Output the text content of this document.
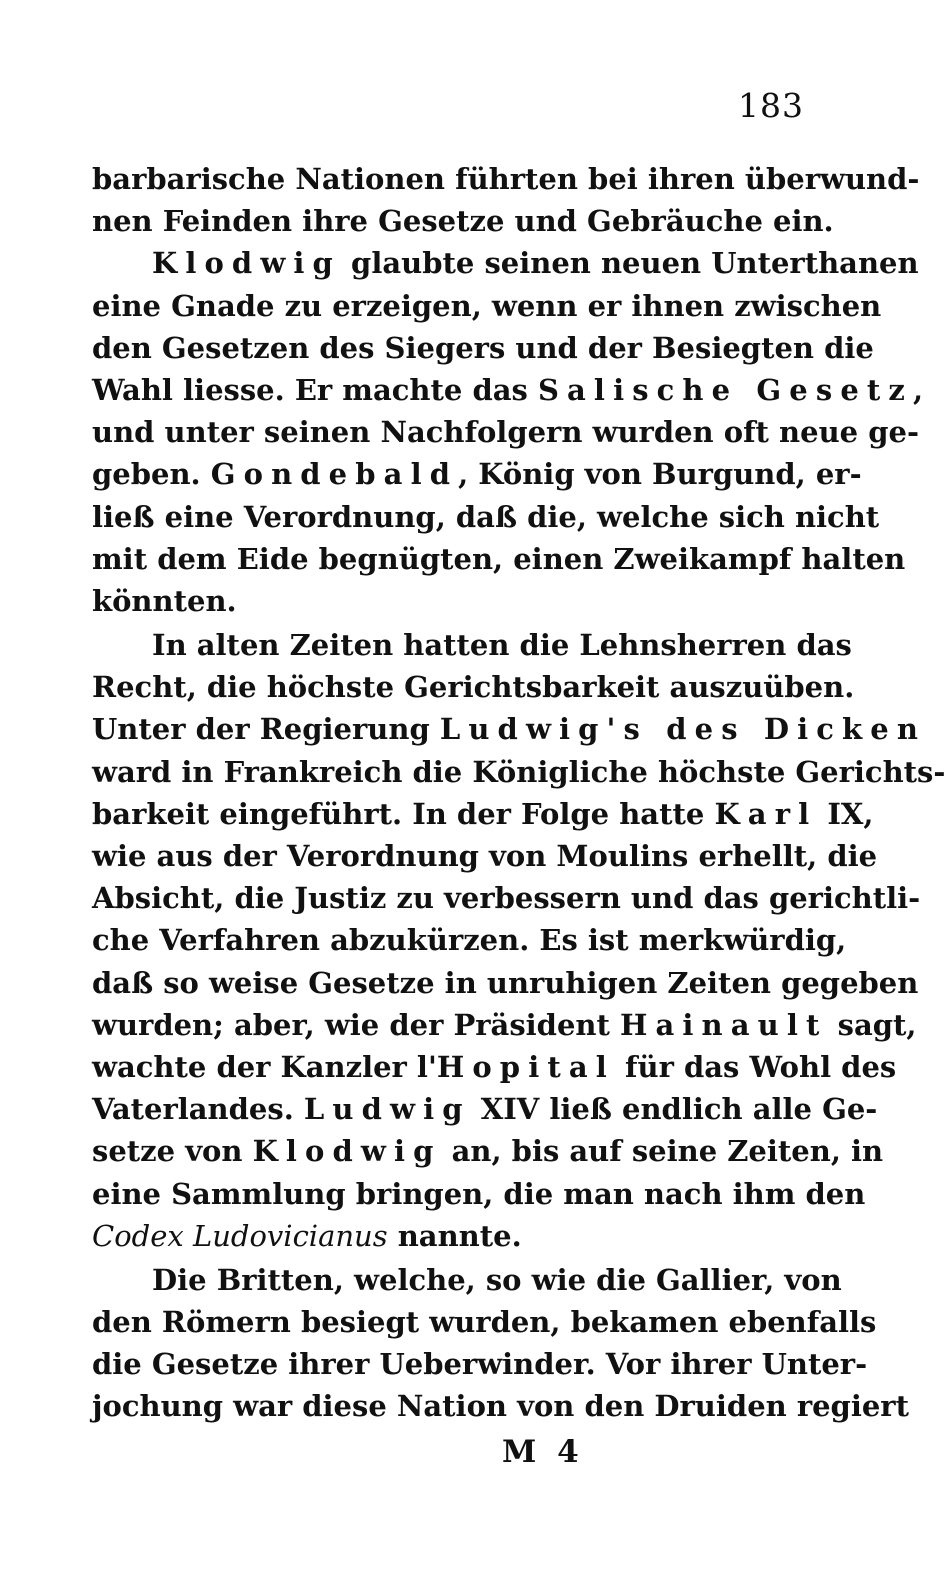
183
barbarische Nationen führten bei ihren überwund-
nen Feinden ihre Gesetze und Gebräuche ein.
Klodwig glaubte seinen neuen Unterthanen
eine Gnade zu erzeigen, wenn er ihnen zwischen
den Gesetzen des Siegers und der Besiegten die
Wahl liesse. Er machte das Salische Gesetz,
und unter seinen Nachfolgern wurden oft neue ge-
geben. Gondebald, König von Burgund, er-
ließ eine Verordnung, daß die, welche sich nicht
mit dem Eide begnügten, einen Zweikampf halten
könnten.
In alten Zeiten hatten die Lehnsherren das
Recht, die höchste Gerichtsbarkeit auszuüben.
Unter der Regierung Ludwig's des Dicken
ward in Frankreich die Königliche höchste Gerichts-
barkeit eingeführt. In der Folge hatte Karl IX,
wie aus der Verordnung von Moulins erhellt, die
Absicht, die Justiz zu verbessern und das gerichtli-
che Verfahren abzukürzen. Es ist merkwürdig,
daß so weise Gesetze in unruhigen Zeiten gegeben
wurden; aber, wie der Präsident Hainault sagt,
wachte der Kanzler l'Hopital für das Wohl des
Vaterlandes. Ludwig XIV ließ endlich alle Ge-
setze von Klodwig an, bis auf seine Zeiten, in
eine Sammlung bringen, die man nach ihm den
Codex Ludovicianus nannte.
Die Britten, welche, so wie die Gallier, von
den Römern besiegt wurden, bekamen ebenfalls
die Gesetze ihrer Ueberwinder. Vor ihrer Unter-
jochung war diese Nation von den Druiden regiert
M 4
